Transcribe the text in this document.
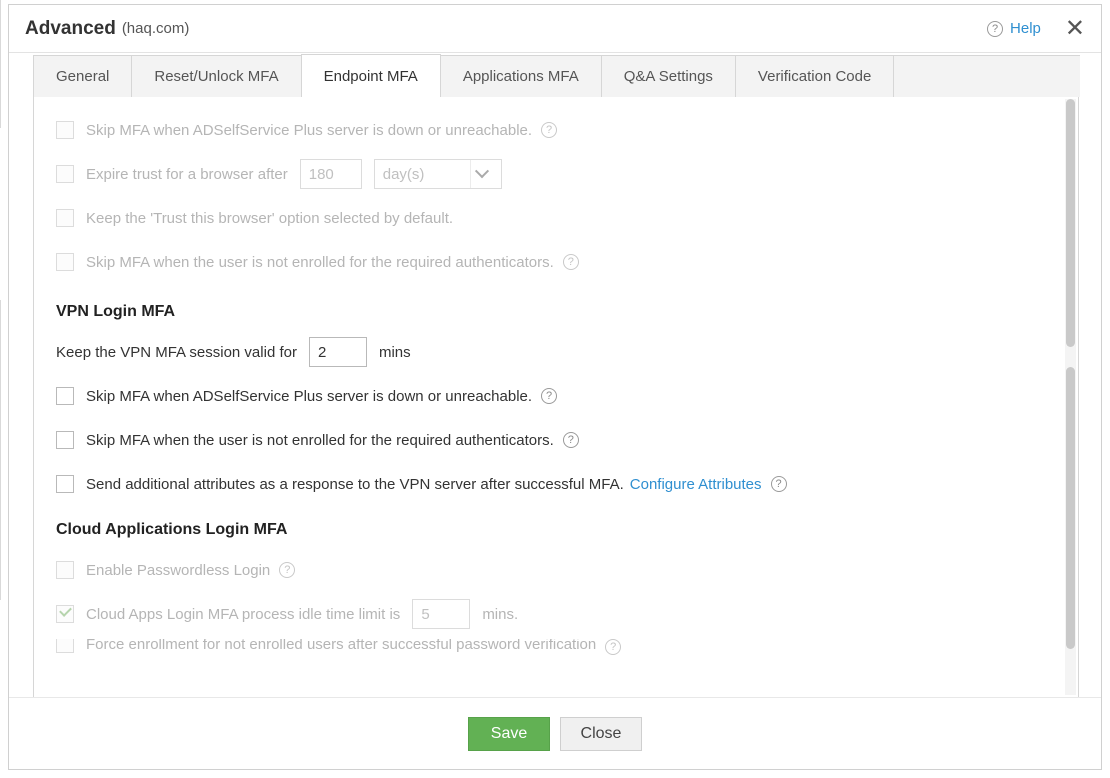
Advanced (haq.com)	? Help ✕
General	Reset/Unlock MFA	Endpoint MFA	Applications MFA	Q&A Settings	Verification Code
Skip MFA when ADSelfService Plus server is down or unreachable.	?
Expire trust for a browser after	180	day(s)
Keep the 'Trust this browser' option selected by default.
Skip MFA when the user is not enrolled for the required authenticators.	?
VPN Login MFA
Keep the VPN MFA session valid for	2	mins
Skip MFA when ADSelfService Plus server is down or unreachable.	?
Skip MFA when the user is not enrolled for the required authenticators.	?
Send additional attributes as a response to the VPN server after successful MFA. Configure Attributes	?
Cloud Applications Login MFA
Enable Passwordless Login	?
Cloud Apps Login MFA process idle time limit is	5	mins.
Force enrollment for not enrolled users after successful password verification	?
Save	Close
